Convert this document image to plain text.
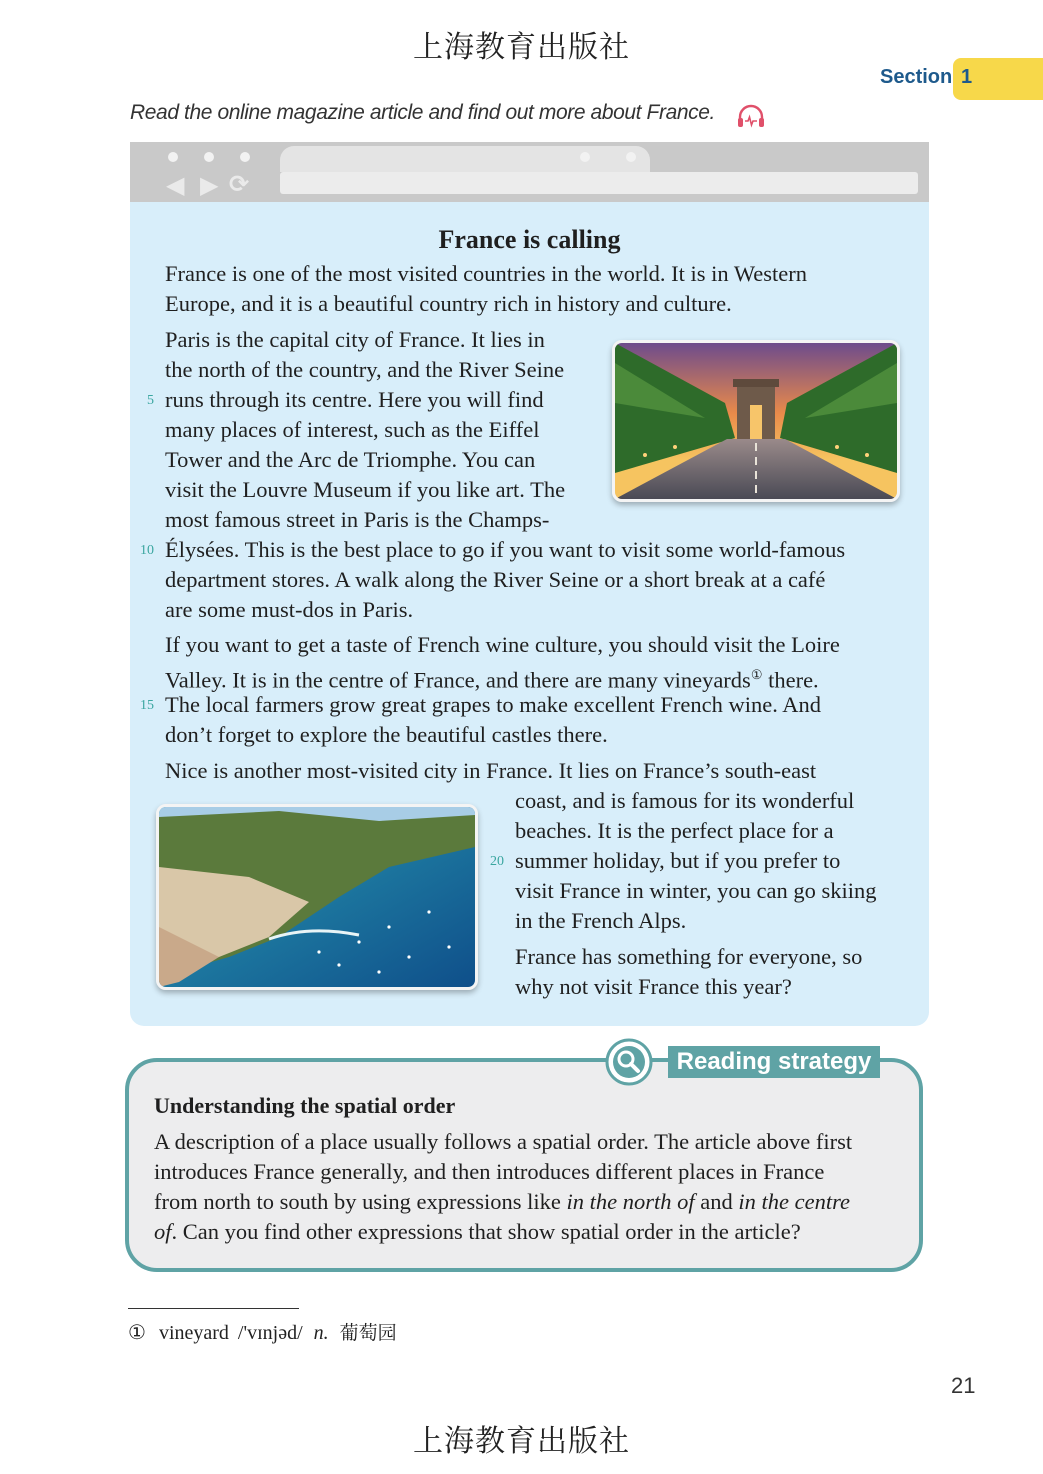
上海教育出版社
Section 1
Read the online magazine article and find out more about France.
◀ ▶ ⟳
France is calling
France is one of the most visited countries in the world. It is in Western
Europe, and it is a beautiful country rich in history and culture.
Paris is the capital city of France. It lies in
the north of the country, and the River Seine
5 runs through its centre. Here you will find
many places of interest, such as the Eiffel
Tower and the Arc de Triomphe. You can
visit the Louvre Museum if you like art. The
most famous street in Paris is the Champs-
10 Élysées. This is the best place to go if you want to visit some world-famous
department stores. A walk along the River Seine or a short break at a café
are some must-dos in Paris.
If you want to get a taste of French wine culture, you should visit the Loire
Valley. It is in the centre of France, and there are many vineyards① there.
15 The local farmers grow great grapes to make excellent French wine. And
don’t forget to explore the beautiful castles there.
Nice is another most-visited city in France. It lies on France’s south-east
coast, and is famous for its wonderful
beaches. It is the perfect place for a
20 summer holiday, but if you prefer to
visit France in winter, you can go skiing
in the French Alps.
France has something for everyone, so
why not visit France this year?
Reading strategy
Understanding the spatial order
A description of a place usually follows a spatial order. The article above first
introduces France generally, and then introduces different places in France
from north to south by using expressions like in the north of and in the centre
of. Can you find other expressions that show spatial order in the article?
① vineyard /'vɪnjəd/ n. 葡萄园
21
上海教育出版社
